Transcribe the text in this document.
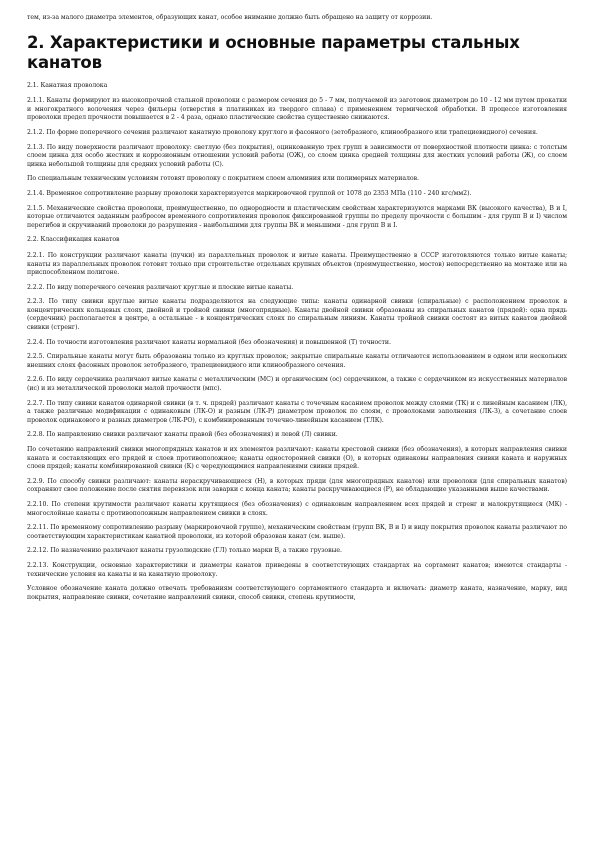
тем, из-за малого диаметра элементов, образующих канат, особое внимание должно быть обращено на защиту от коррозии.

2. Характеристики и основные параметры стальных канатов

2.1. Канатная проволока

2.1.1. Канаты формируют из высокопрочной стальной проволоки с размером сечения до 5 - 7 мм, получаемой из заготовок диаметром до 10 - 12 мм путем прокатки и многократного волочения через фильеры (отверстия в платиниках из твердого сплава) с применением термической обработки. В процессе изготовления проволоки предел прочности повышается в 2 - 4 раза, однако пластические свойства существенно снижаются.

2.1.2. По форме поперечного сечения различают канатную проволоку круглого и фасонного (зетобразного, клинообразного или трапециевидного) сечения.

2.1.3. По виду поверхности различают проволоку: светлую (без покрытия), оцинкованную трех групп в зависимости от поверхностной плотности цинка: с толстым слоем цинка для особо жестких и коррозионным отношении условий работы (ОЖ), со слоем цинка средней толщины для жестких условий работы (Ж), со слоем цинка небольшой толщины для средних условий работы (С).

По специальным техническим условиям готовят проволоку с покрытием слоем алюминия или полимерных материалов.

2.1.4. Временное сопротивление разрыву проволоки характеризуется маркировочной группой от 1078 до 2353 МПа (110 - 240 кгс/мм2).

2.1.5. Механические свойства проволоки, преимущественно, по однородности и пластическим свойствам характеризуются марками ВК (высокого качества), В и I, которые отличаются заданным разбросом временного сопротивления проволок фиксированной группы по пределу прочности с большим - для групп В и I) числом перегибов и скручиваний проволоки до разрушения - наибольшими для группы ВК и меньшими - для групп В и I.

2.2. Классификация канатов

2.2.1. По конструкции различают канаты (пучки) из параллельных проволок и витые канаты. Преимущественно в СССР изготовляются только витые канаты; канаты из параллельных проволок готовят только при строительстве отдельных крупных объектов (преимущественно, мостов) непосредственно на монтаже или на приспособленном полигоне.

2.2.2. По виду поперечного сечения различают круглые и плоские витые канаты.

2.2.3. По типу свивки круглые витые канаты подразделяются на следующие типы: канаты одинарной свивки (спиральные) с расположением проволок в концентрических кольцевых слоях, двойной и тройной свивки (многопрядные). Канаты двойной свивки образованы из спиральных канатов (прядей): одна прядь (сердечник) располагается в центре, а остальные - в концентрических слоях по спиральным линиям. Канаты тройной свивки состоят из витых канатов двойной свивки (стренг).

2.2.4. По точности изготовления различают канаты нормальной (без обозначения) и повышенной (Т) точности.

2.2.5. Спиральные канаты могут быть образованы только из круглых проволок; закрытые спиральные канаты отличаются использованием в одном или нескольких внешних слоях фасонных проволок зетобразного, трапециевидного или клинообразного сечения.

2.2.6. По виду сердечника различают витые канаты с металлическим (МС) и органическим (ос) сердечником, а также с сердечником из искусственных материалов (ис) и из металлической проволоки малой прочности (мпс).

2.2.7. По типу свивки канатов одинарной свивки (в т. ч. прядей) различают канаты с точечным касанием проволок между слоями (ТК) и с линейным касанием (ЛК), а также различные модификации с одинаковым (ЛК-О) и разным (ЛК-Р) диаметром проволок по слоям, с проволоками заполнения (ЛК-З), а сочетание слоев проволок одинакового и разных диаметров (ЛК-РО), с комбинированным точечно-линейным касанием (ТЛК).

2.2.8. По направлению свивки различают канаты правой (без обозначения) и левой (Л) свивки.

По сочетанию направлений свивки многопрядных канатов и их элементов различают: канаты крестовой свивки (без обозначения), в которых направления свивки каната и составляющих его прядей и слоев противоположное; канаты односторонней свивки (О), в которых одинаковы направления свивки каната и наружных слоев прядей; канаты комбинированной свивки (К) с чередующимися направлениями свивки прядей.

2.2.9. По способу свивки различают: канаты нераскручивающиеся (Н), в которых пряди (для многопрядных канатов) или проволоки (для спиральных канатов) сохраняют свое положение после снятия перевязок или заварки с конца каната; канаты раскручивающиеся (Р), не обладающие указанными выше качествами.

2.2.10. По степени крутимости различают канаты крутящиеся (без обозначения) с одинаковым направлением всех прядей и стренг и малокрутящиеся (МК) - многослойные канаты с противоположным направлением свивки в слоях.

2.2.11. По временному сопротивлению разрыву (маркировочной группе), механическим свойствам (групп ВК, В и I) и виду покрытия проволок канаты различают по соответствующим характеристикам канатной проволоки, из которой образован канат (см. выше).

2.2.12. По назначению различают канаты грузолюдские (ГЛ) только марки В, а также грузовые.

2.2.13. Конструкции, основные характеристики и диаметры канатов приведены в соответствующих стандартах на сортамент канатов; имеются стандарты - технические условия на канаты и на канатную проволоку.

Условное обозначение каната должно отвечать требованиям соответствующего сортаментного стандарта и включать: диаметр каната, назначение, марку, вид покрытия, направление свивки, сочетание направлений свивки, способ свивки, степень крутимости,
